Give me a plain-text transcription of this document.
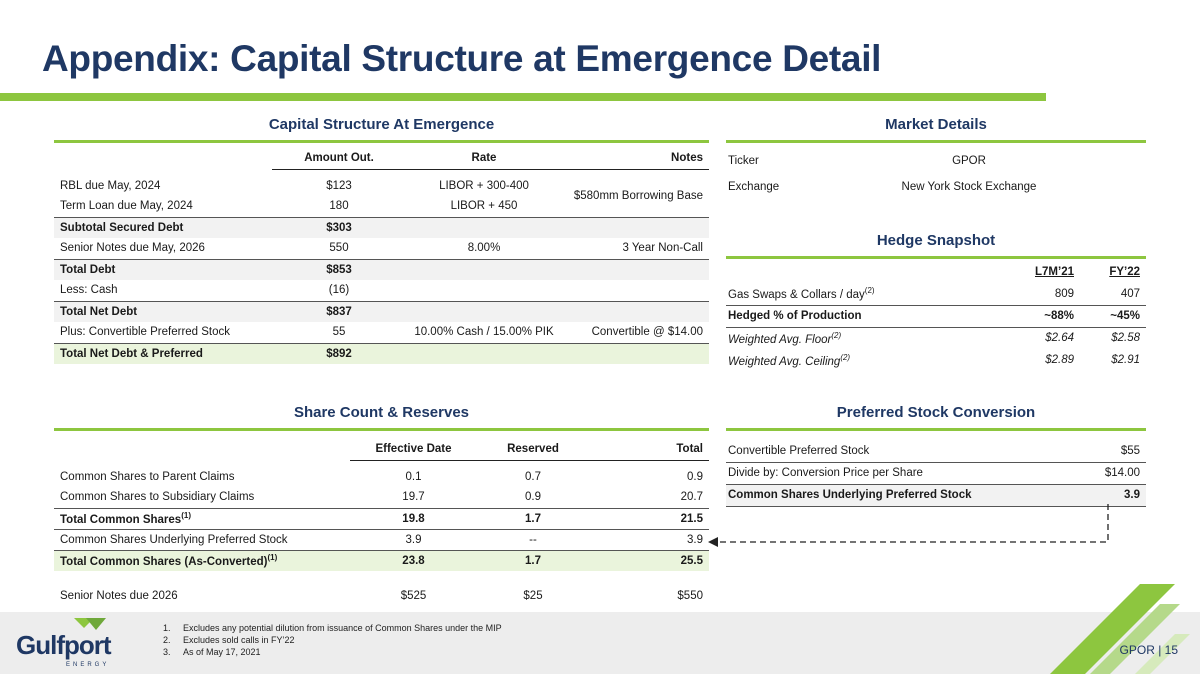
Appendix: Capital Structure at Emergence Detail
Capital Structure At Emergence
	Amount Out.	Rate	Notes

RBL due May, 2024	$123	LIBOR + 300-400	$580mm Borrowing Base
Term Loan due May, 2024	180	LIBOR + 450	
Subtotal Secured Debt	$303		
Senior Notes due May, 2026	550	8.00%	3 Year Non-Call
Total Debt	$853		
Less: Cash	(16)		
Total Net Debt	$837		
Plus: Convertible Preferred Stock	55	10.00% Cash / 15.00% PIK	Convertible @ $14.00
Total Net Debt & Preferred	$892		
Market Details
Ticker	GPOR
Exchange	New York Stock Exchange
Hedge Snapshot
	L7M’21	FY’22
Gas Swaps & Collars / day$^{(2)}$	809	407
Hedged % of Production	~88%	~45%
Weighted Avg. Floor$^{(2)}$	$2.64	$2.58
Weighted Avg. Ceiling$^{(2)}$	$2.89	$2.91
Share Count & Reserves
	Effective Date	Reserved	Total

Common Shares to Parent Claims	0.1	0.7	0.9
Common Shares to Subsidiary Claims	19.7	0.9	20.7
Total Common Shares$^{(1)}$	19.8	1.7	21.5
Common Shares Underlying Preferred Stock	3.9	--	3.9
Total Common Shares (As-Converted)$^{(1)}$	23.8	1.7	25.5

Senior Notes due 2026	$525	$25	$550
Preferred Stock Conversion
Convertible Preferred Stock	$55
Divide by: Conversion Price per Share	$14.00
Common Shares Underlying Preferred Stock	3.9
Gulfport
ENERGY
1. Excludes any potential dilution from issuance of Common Shares under the MIP
2. Excludes sold calls in FY’22
3. As of May 17, 2021	GPOR | 15
